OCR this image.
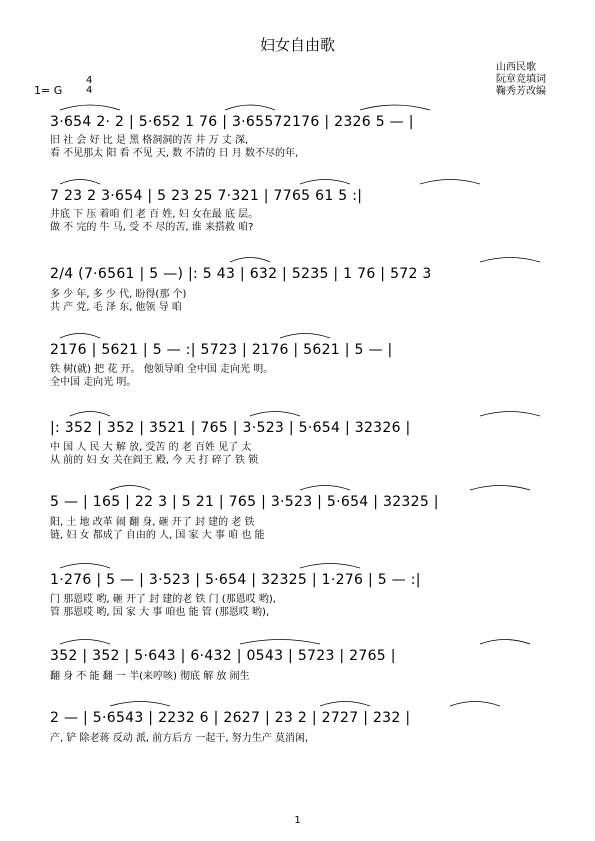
妇女自由歌
山西民歌
阮章竞填词
鞠秀芳改编
1= G
4
4
3·654 2· 2 | 5·652 1 76 | 3·65572176 | 2326 5 — |
旧 社 会 好 比 是 黑 格洞洞的苦 井 万 丈 深,
看 不见那太 阳 看 不见 天, 数 不清的 日 月 数不尽的年,
7 23 2 3·654 | 5 23 25 7·321 | 7765 61 5 :|
井底 下 压 着咱 们 老 百 姓, 妇 女在最 底 层。
做 不 完的 牛 马, 受 不 尽的苦, 谁 来搭救 咱?
2/4 (7·6561 | 5 —) |: 5 43 | 632 | 5235 | 1 76 | 572 3
多 少 年, 多 少 代, 盼得(那 个)
共 产 党, 毛 泽 东, 他领 导 咱
2176 | 5621 | 5 — :| 5723 | 2176 | 5621 | 5 — |
铁 树(就) 把 花 开。 他领导咱 全中国 走向光 明。
全中国 走向光 明。
|: 352 | 352 | 3521 | 765 | 3·523 | 5·654 | 32326 |
中 国 人 民 大 解 放, 受苦 的 老 百姓 见了 太
从 前的 妇 女 关在阎王 殿, 今 天 打 碎了 铁 锁
5 — | 165 | 22 3 | 5 21 | 765 | 3·523 | 5·654 | 32325 |
阳, 土 地 改革 闹 翻 身, 砸 开了 封 建的 老 铁
链, 妇 女 都成了 自由的 人, 国 家 大 事 咱 也 能
1·276 | 5 — | 3·523 | 5·654 | 32325 | 1·276 | 5 — :|
门 那恩哎 哟, 砸 开了 封 建的老 铁 门 (那恩哎 哟),
管 那恩哎 哟, 国 家 大 事 咱也 能 管 (那恩哎 哟),
352 | 352 | 5·643 | 6·432 | 0543 | 5723 | 2765 |
翻 身 不 能 翻 一 半(来哼咳) 彻底 解 放 闹生
2 — | 5·6543 | 2232 6 | 2627 | 23 2 | 2727 | 232 |
产, 铲 除老蒋 反动 派, 前方后方 一起干, 努力生产 莫消闲,
1
